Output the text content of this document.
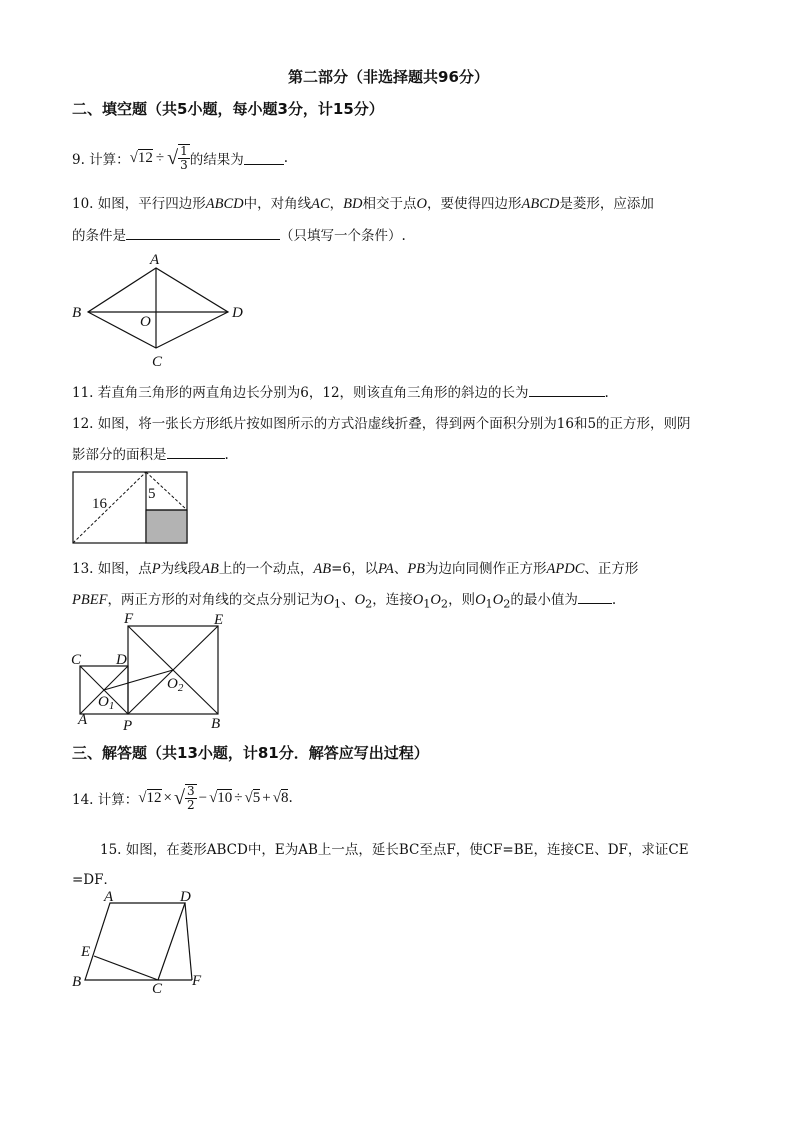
第二部分（非选择题共96分）
二、填空题（共5小题，每小题3分，计15分）
9. 计算： √ 12 ÷ √ $\frac{1}{3}$ 的结果为	.
10. 如图，平行四边形ABCD中，对角线AC，BD相交于点O，要使得四边形ABCD是菱形，应添加
的条件是	（只填写一个条件）.
A
B
C
D
O
11. 若直角三角形的两直角边长分别为6，12，则该直角三角形的斜边的长为	.
12. 如图，将一张长方形纸片按如图所示的方式沿虚线折叠，得到两个面积分别为16和5的正方形，则阴
影部分的面积是	.
16
5
13. 如图，点P为线段AB上的一个动点，AB=6，以PA、PB为边向同侧作正方形APDC、正方形
PBEF，两正方形的对角线的交点分别记为$O_1$、$O_2$，连接$O_1O_2$，则$O_1O_2$的最小值为	.
A	B
C D
E
F
P
$O_1$
$O_2$
三、解答题（共13小题，计81分．解答应写出过程）
14. 计算： √ 12 × √ $\frac{3}{2}$ − √ 10 ÷ √ 5 + √ 8 .
15. 如图，在菱形ABCD中，E为AB上一点，延长BC至点F，使CF=BE，连接CE、DF，求证CE
=DF．
A	D
E
B	C F
